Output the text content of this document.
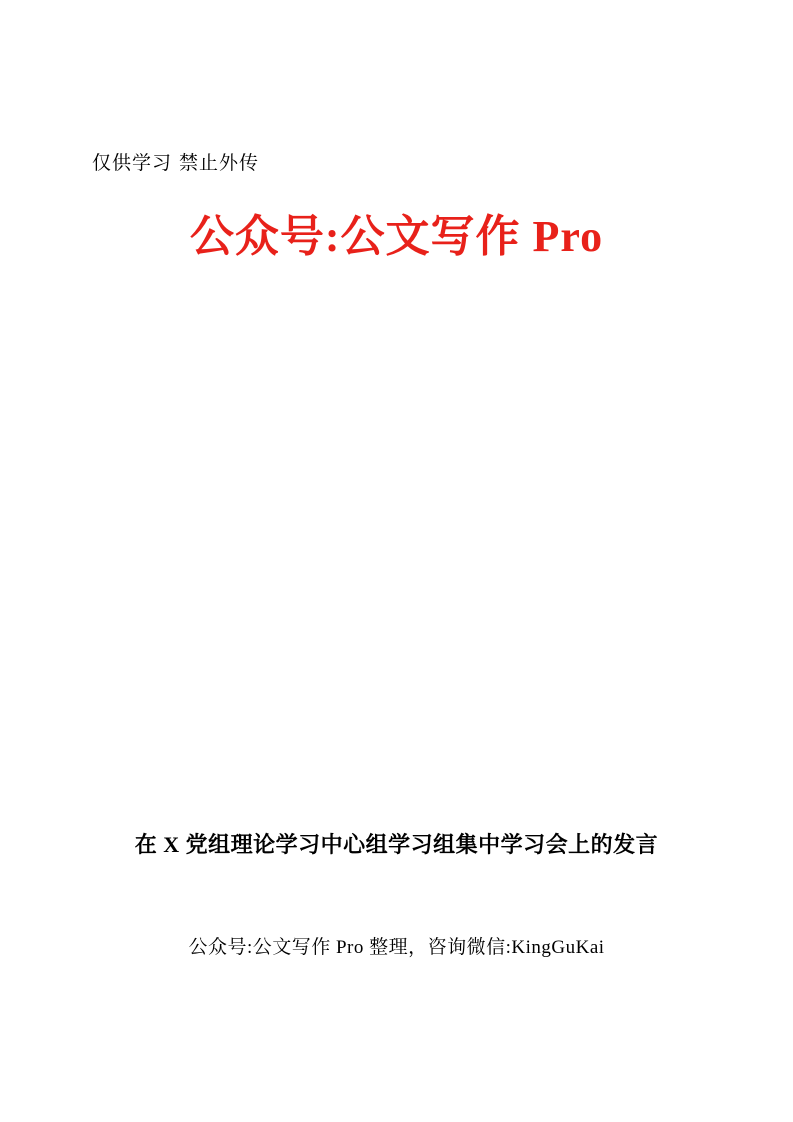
仅供学习 禁止外传
公众号:公文写作 Pro
在 X 党组理论学习中心组学习组集中学习会上的发言
公众号:公文写作 Pro 整理，咨询微信:KingGuKai
